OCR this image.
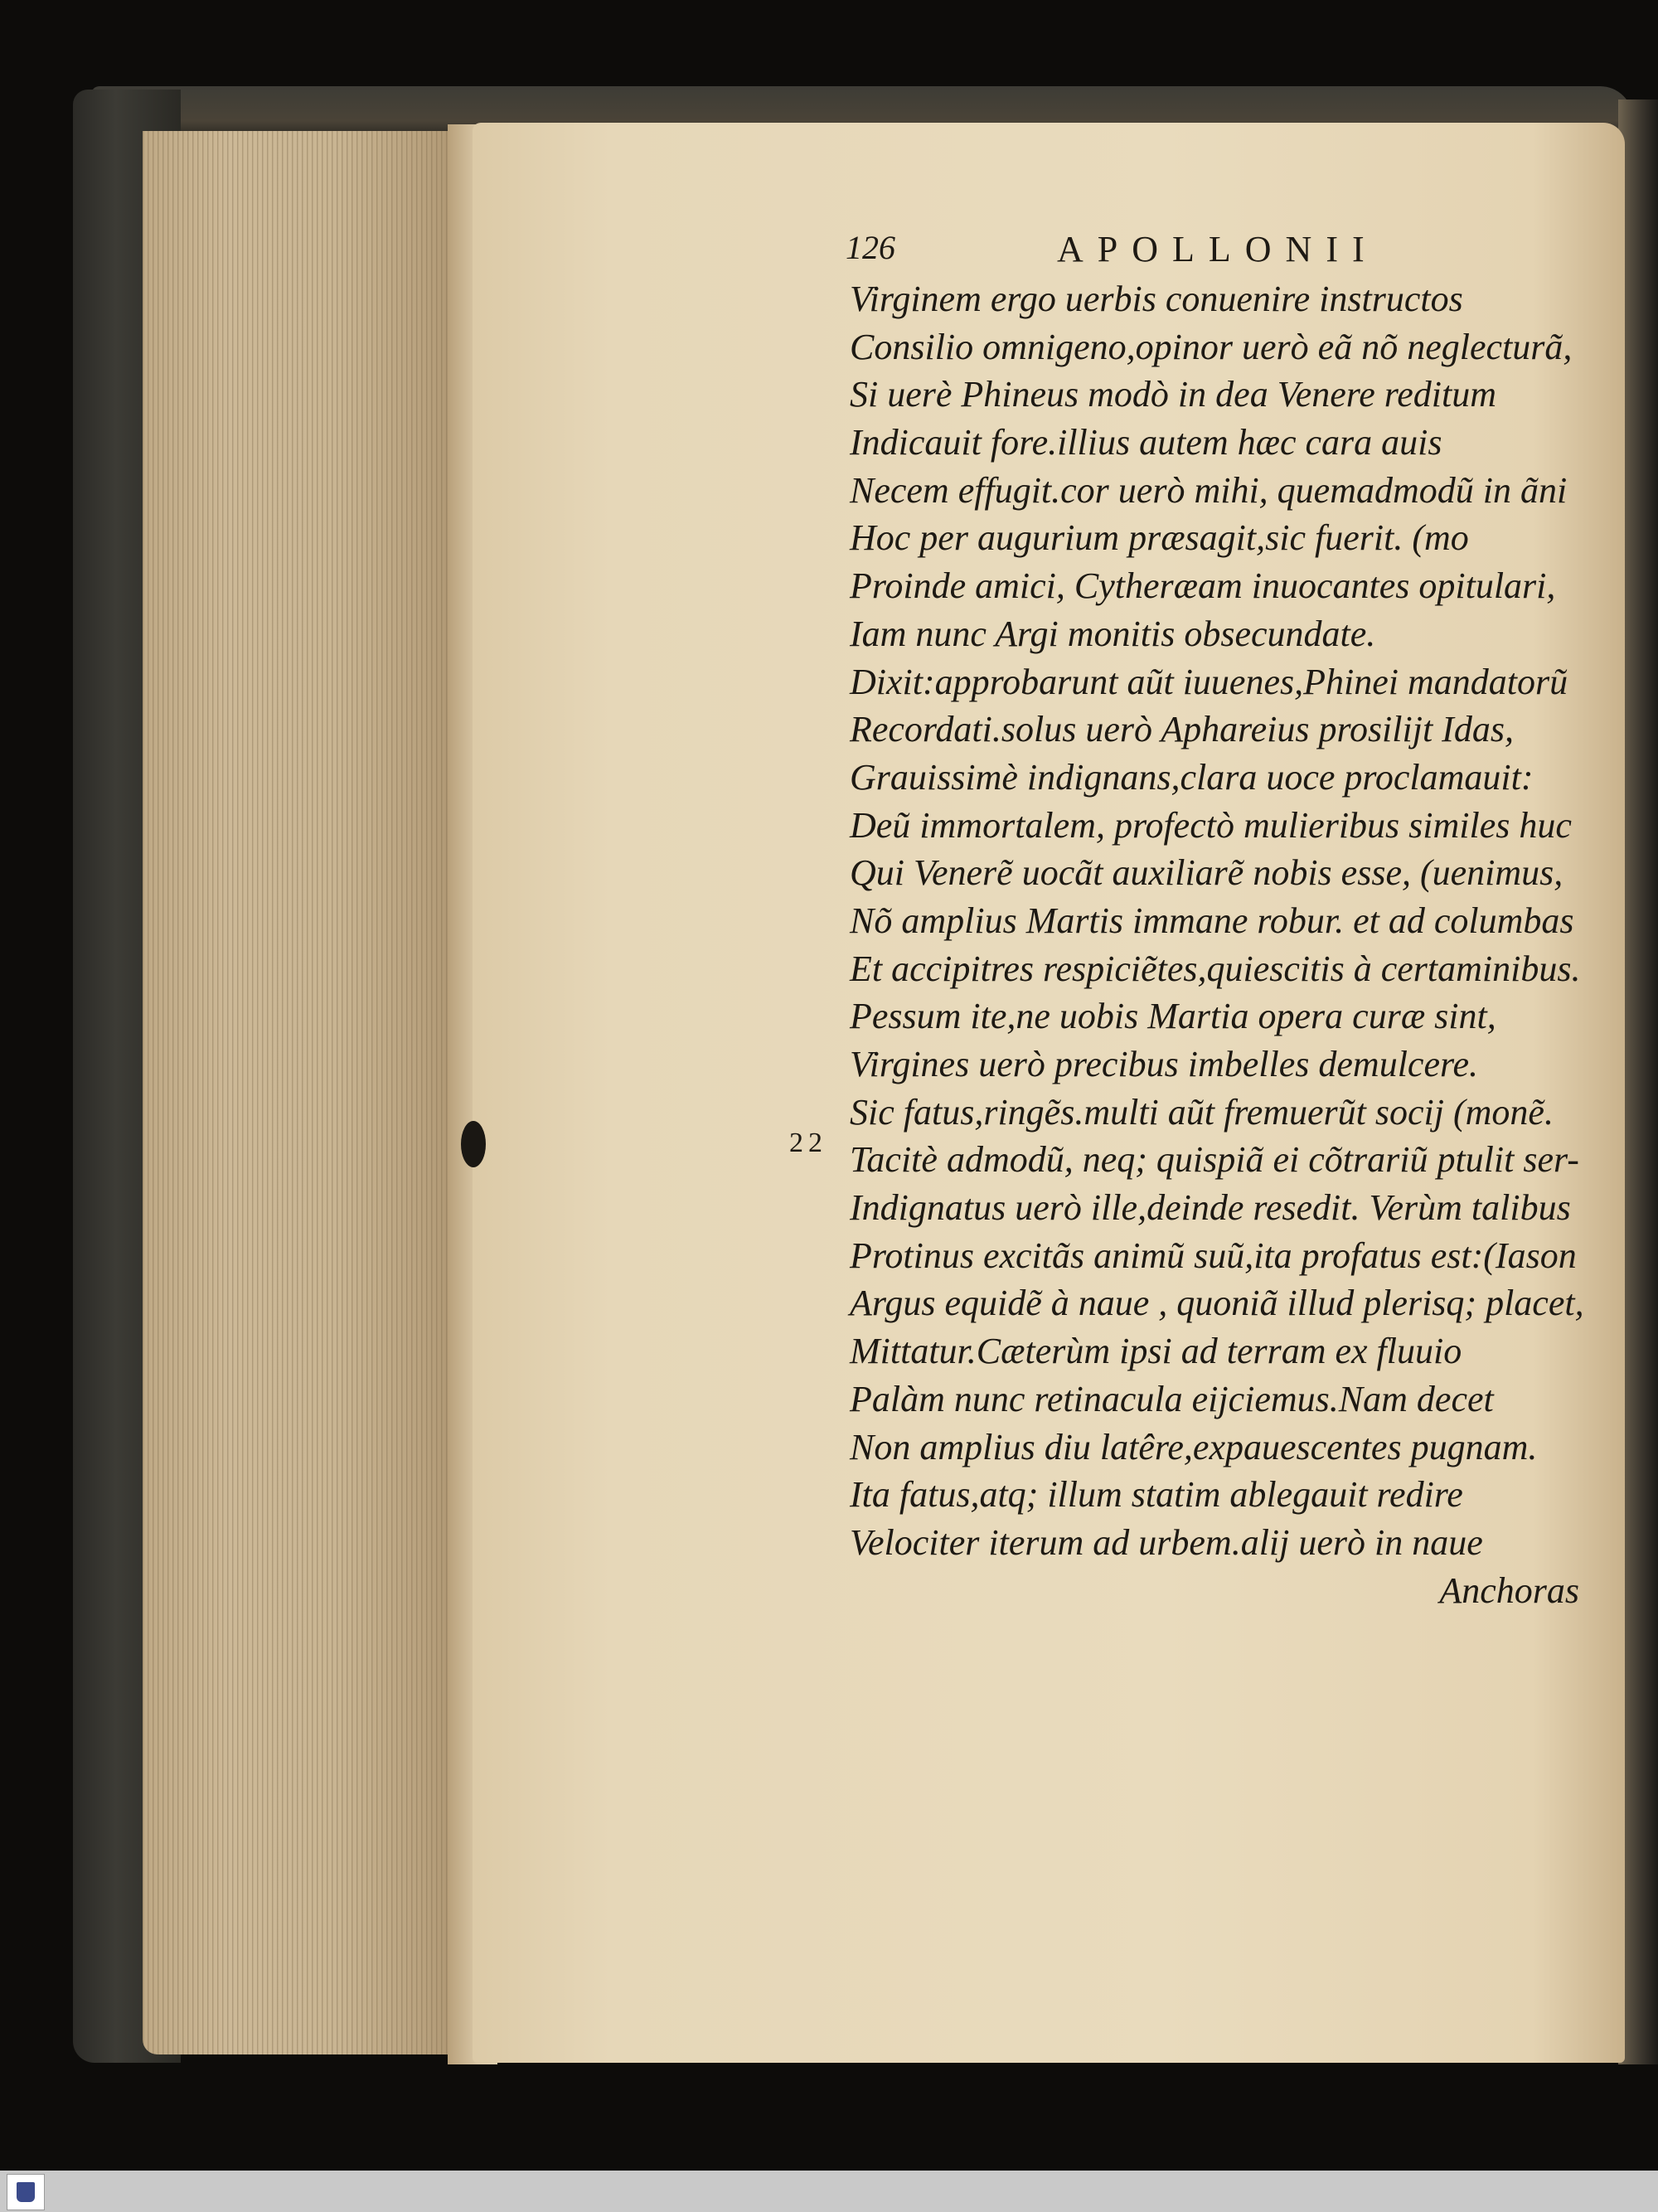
126	APOLLONII
22
Virginem ergo uerbis conuenire instructos
Consilio omnigeno,opinor uerò eã nõ neglecturã,
Si uerè Phineus modò in dea Venere reditum
Indicauit fore.illius autem hæc cara auis
Necem effugit.cor uerò mihi, quemadmodũ in ãni
Hoc per augurium præsagit,sic fuerit. (mo
Proinde amici, Cytheræam inuocantes opitulari,
Iam nunc Argi monitis obsecundate.
Dixit:approbarunt aũt iuuenes,Phinei mandatorũ
Recordati.solus uerò Aphareius prosilijt Idas,
Grauissimè indignans,clara uoce proclamauit:
Deũ immortalem, profectò mulieribus similes huc
Qui Venerẽ uocãt auxiliarẽ nobis esse, (uenimus,
Nõ amplius Martis immane robur. et ad columbas
Et accipitres respiciẽtes,quiescitis à certaminibus.
Pessum ite,ne uobis Martia opera curæ sint,
Virgines uerò precibus imbelles demulcere.
Sic fatus,ringẽs.multi aũt fremuerũt socij (monẽ.
Tacitè admodũ, neq; quispiã ei cõtrariũ ptulit ser-
Indignatus uerò ille,deinde resedit. Verùm talibus
Protinus excitãs animũ suũ,ita profatus est:(Iason
Argus equidẽ à naue , quoniã illud plerisq; placet,
Mittatur.Cæterùm ipsi ad terram ex fluuio
Palàm nunc retinacula eijciemus.Nam decet
Non amplius diu latêre,expauescentes pugnam.
Ita fatus,atq; illum statim ablegauit redire
Velociter iterum ad urbem.alij uerò in naue
Anchoras
